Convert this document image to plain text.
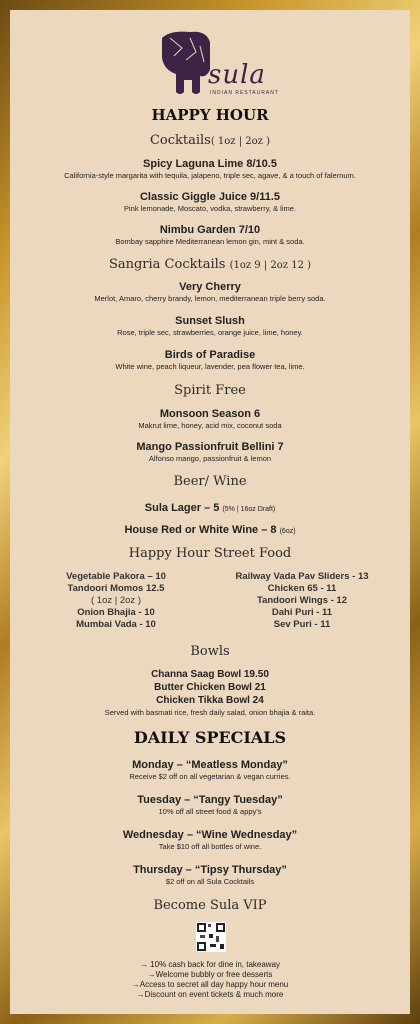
sula
INDIAN RESTAURANT
HAPPY HOUR
Cocktails( 1oz | 2oz )
Spicy Laguna Lime 8/10.5
California-style margarita with tequila, jalapeno, triple sec, agave, & a touch of falernum.
Classic Giggle Juice 9/11.5
Pink lemonade, Moscato, vodka, strawberry, & lime.
Nimbu Garden 7/10
Bombay sapphire Mediterranean lemon gin, mint & soda.
Sangria Cocktails (1oz 9 | 2oz 12 )
Very Cherry
Merlot, Amaro, cherry brandy, lemon, mediterranean triple berry soda.
Sunset Slush
Rose, triple sec, strawberries, orange juice, lime, honey.
Birds of Paradise
White wine, peach liqueur, lavender, pea flower tea, lime.
Spirit Free
Monsoon Season 6
Makrut lime, honey, acid mix, coconut soda
Mango Passionfruit Bellini 7
Alfonso mango, passionfruit & lemon
Beer/ Wine
Sula Lager – 5 (5% | 16oz Draft)
House Red or White Wine – 8 (6oz)
Happy Hour Street Food
Vegetable Pakora – 10
Tandoori Momos 12.5
( 1oz | 2oz )
Onion Bhajia - 10
Mumbai Vada - 10
Railway Vada Pav Sliders - 13
Chicken 65 - 11
Tandoori Wings - 12
Dahi Puri - 11
Sev Puri - 11
Bowls
Channa Saag Bowl 19.50
Butter Chicken Bowl 21
Chicken Tikka Bowl 24
Served with basmati rice, fresh daily salad, onion bhajia & raita.
DAILY SPECIALS
Monday – “Meatless Monday”
Receive $2 off on all vegetarian & vegan curries.
Tuesday – “Tangy Tuesday”
10% off all street food & appy's
Wednesday – “Wine Wednesday”
Take $10 off all bottles of wine.
Thursday – “Tipsy Thursday”
$2 off on all Sula Cocktails
Become Sula VIP
→ 10% cash back for dine in, takeaway
→Welcome bubbly or free desserts
→Access to secret all day happy hour menu
→Discount on event tickets & much more
